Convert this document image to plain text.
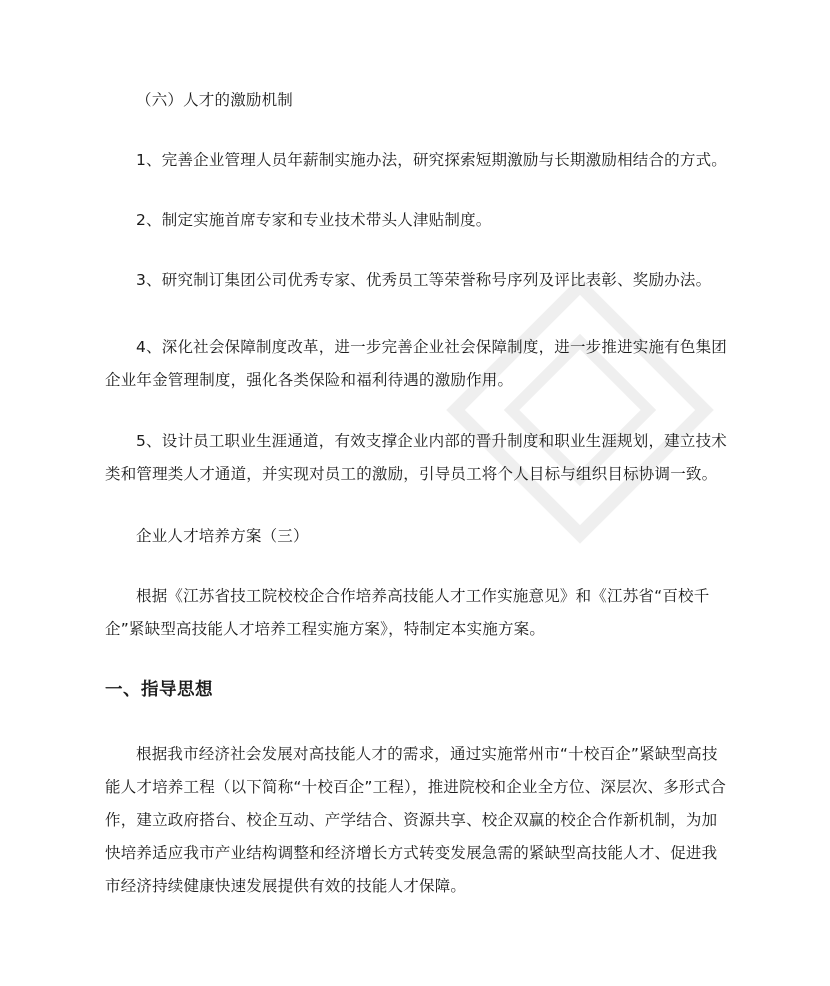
（六）人才的激励机制

1、完善企业管理人员年薪制实施办法，研究探索短期激励与长期激励相结合的方式。

2、制定实施首席专家和专业技术带头人津贴制度。

3、研究制订集团公司优秀专家、优秀员工等荣誉称号序列及评比表彰、奖励办法。

4、深化社会保障制度改革，进一步完善企业社会保障制度，进一步推进实施有色集团企业年金管理制度，强化各类保险和福利待遇的激励作用。

5、设计员工职业生涯通道，有效支撑企业内部的晋升制度和职业生涯规划，建立技术类和管理类人才通道，并实现对员工的激励，引导员工将个人目标与组织目标协调一致。

企业人才培养方案（三）

根据《江苏省技工院校校企合作培养高技能人才工作实施意见》和《江苏省“百校千企”紧缺型高技能人才培养工程实施方案》，特制定本实施方案。

一、指导思想

根据我市经济社会发展对高技能人才的需求，通过实施常州市“十校百企”紧缺型高技能人才培养工程（以下简称“十校百企”工程），推进院校和企业全方位、深层次、多形式合作，建立政府搭台、校企互动、产学结合、资源共享、校企双赢的校企合作新机制，为加快培养适应我市产业结构调整和经济增长方式转变发展急需的紧缺型高技能人才、促进我市经济持续健康快速发展提供有效的技能人才保障。
